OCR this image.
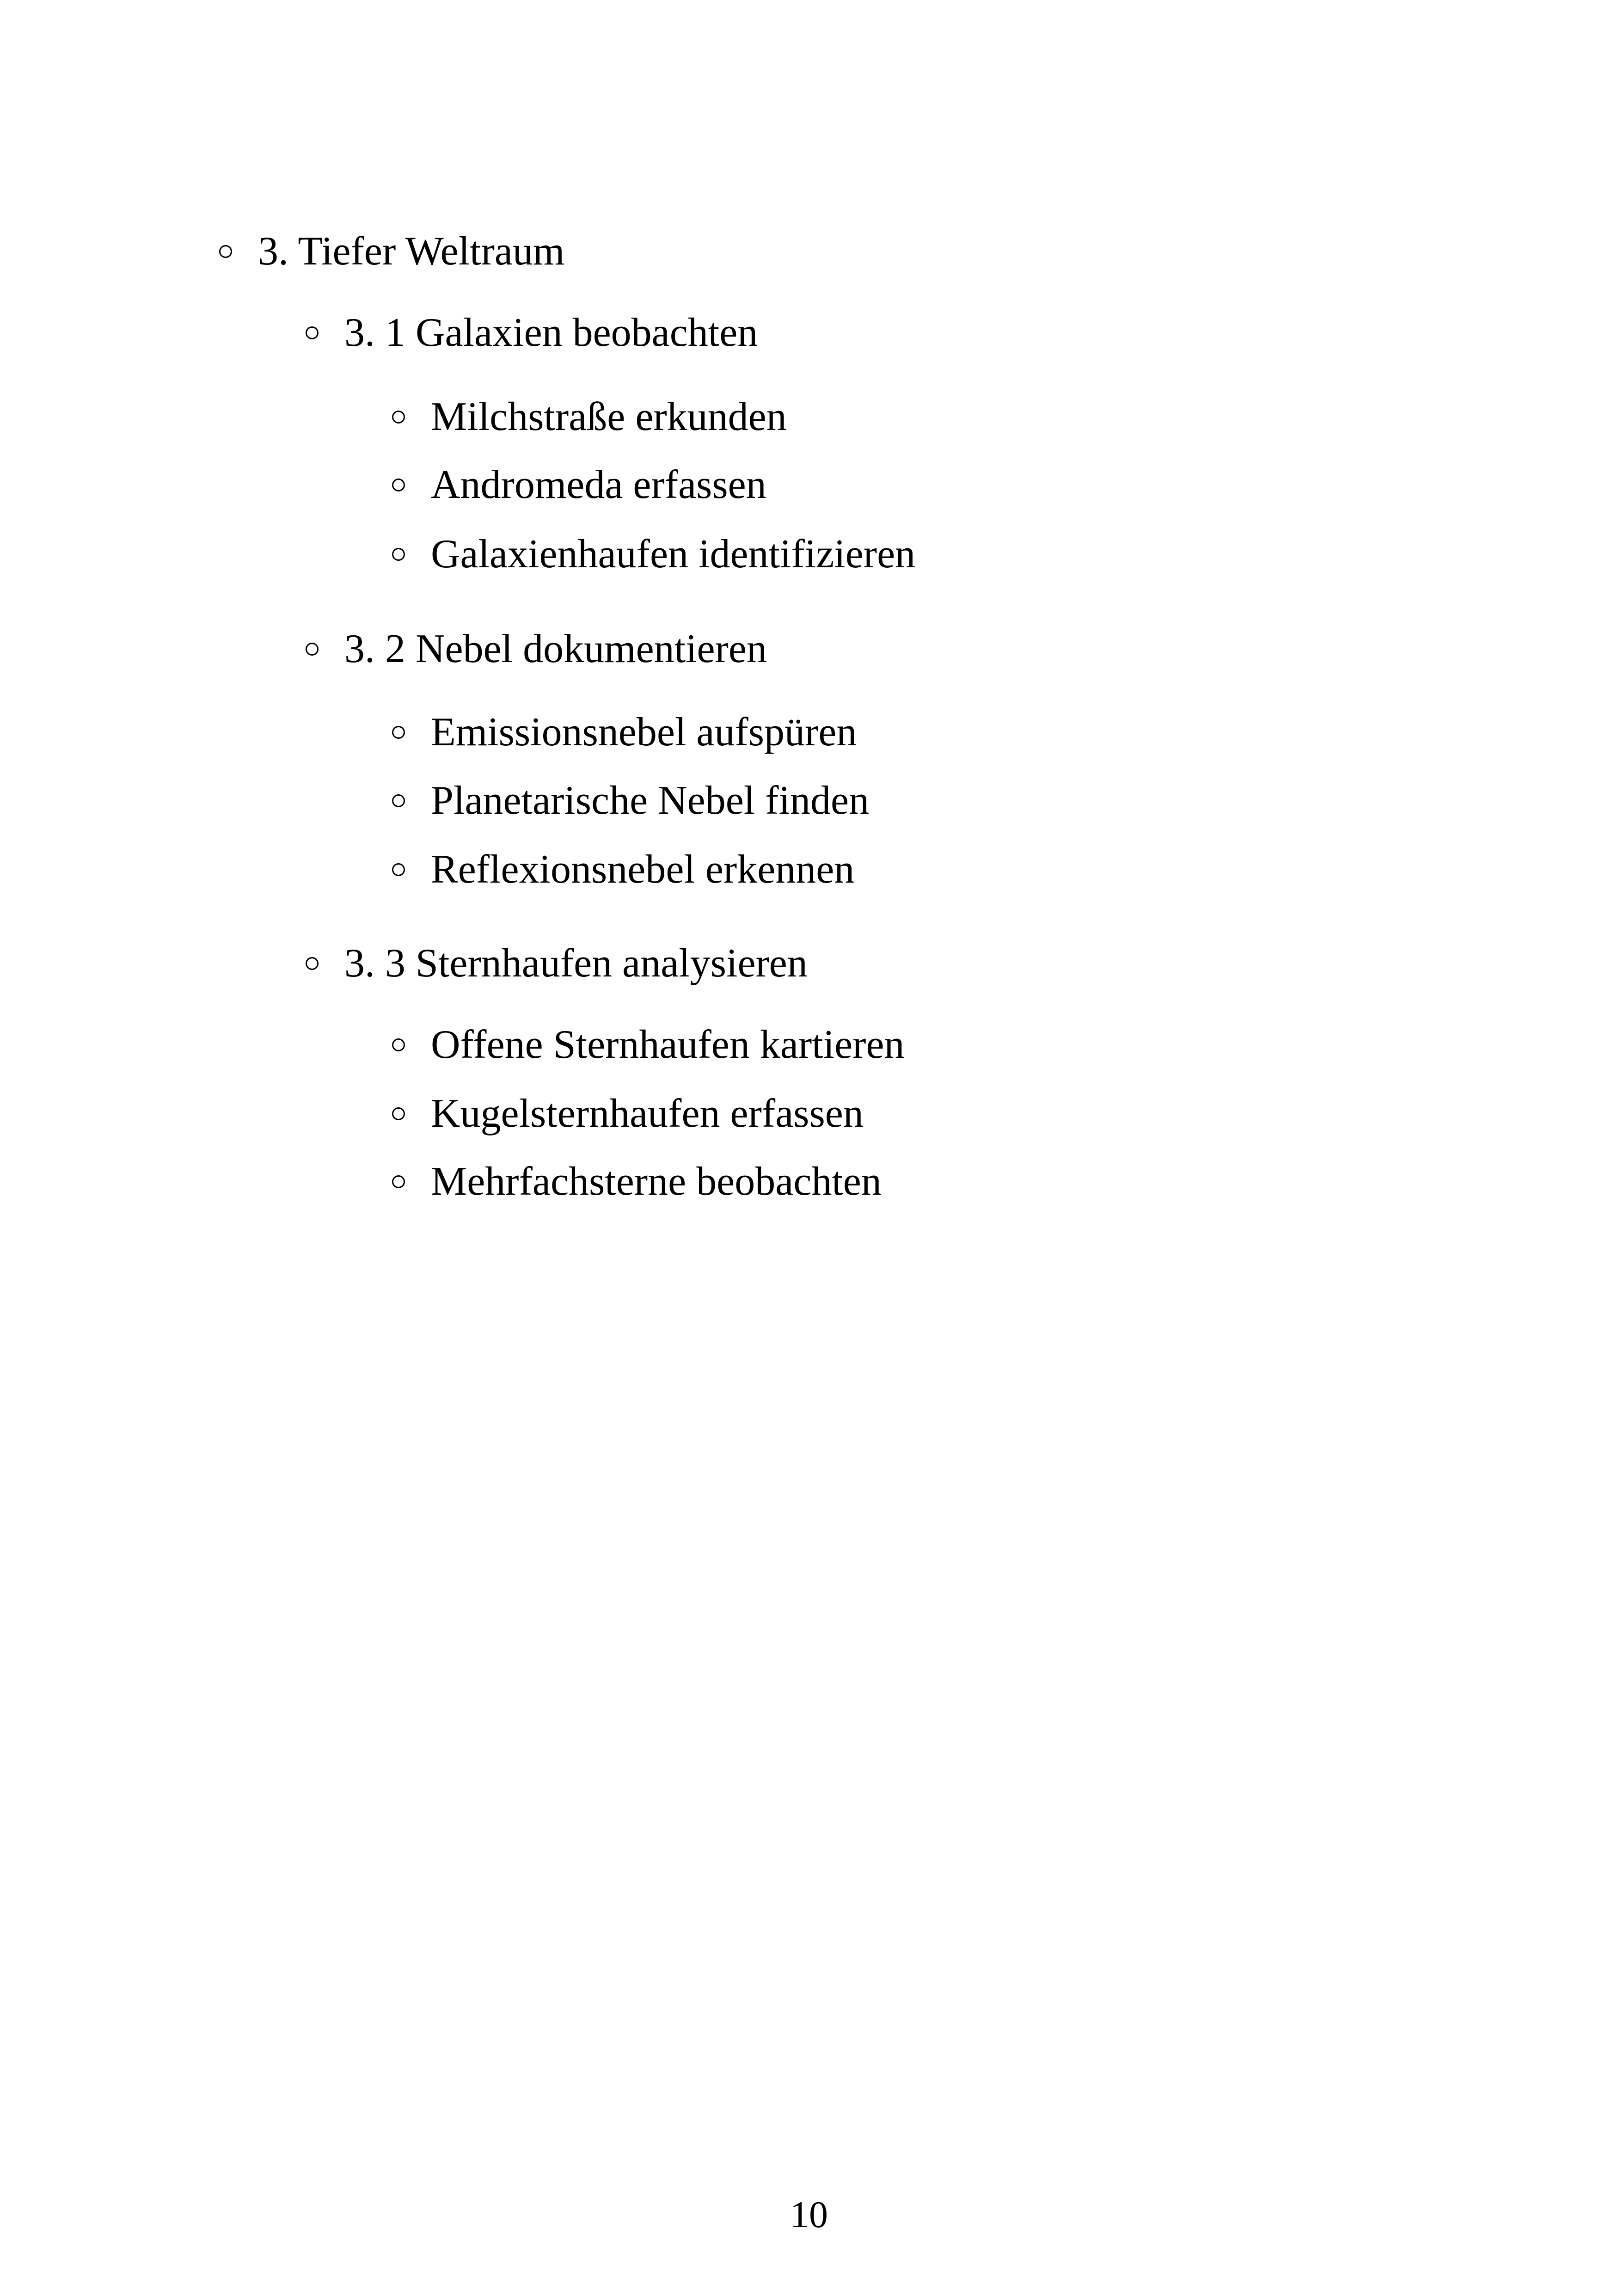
3. Tiefer Weltraum
3. 1 Galaxien beobachten
Milchstraße erkunden
Andromeda erfassen
Galaxienhaufen identifizieren
3. 2 Nebel dokumentieren
Emissionsnebel aufspüren
Planetarische Nebel finden
Reflexionsnebel erkennen
3. 3 Sternhaufen analysieren
Offene Sternhaufen kartieren
Kugelsternhaufen erfassen
Mehrfachsterne beobachten
10
